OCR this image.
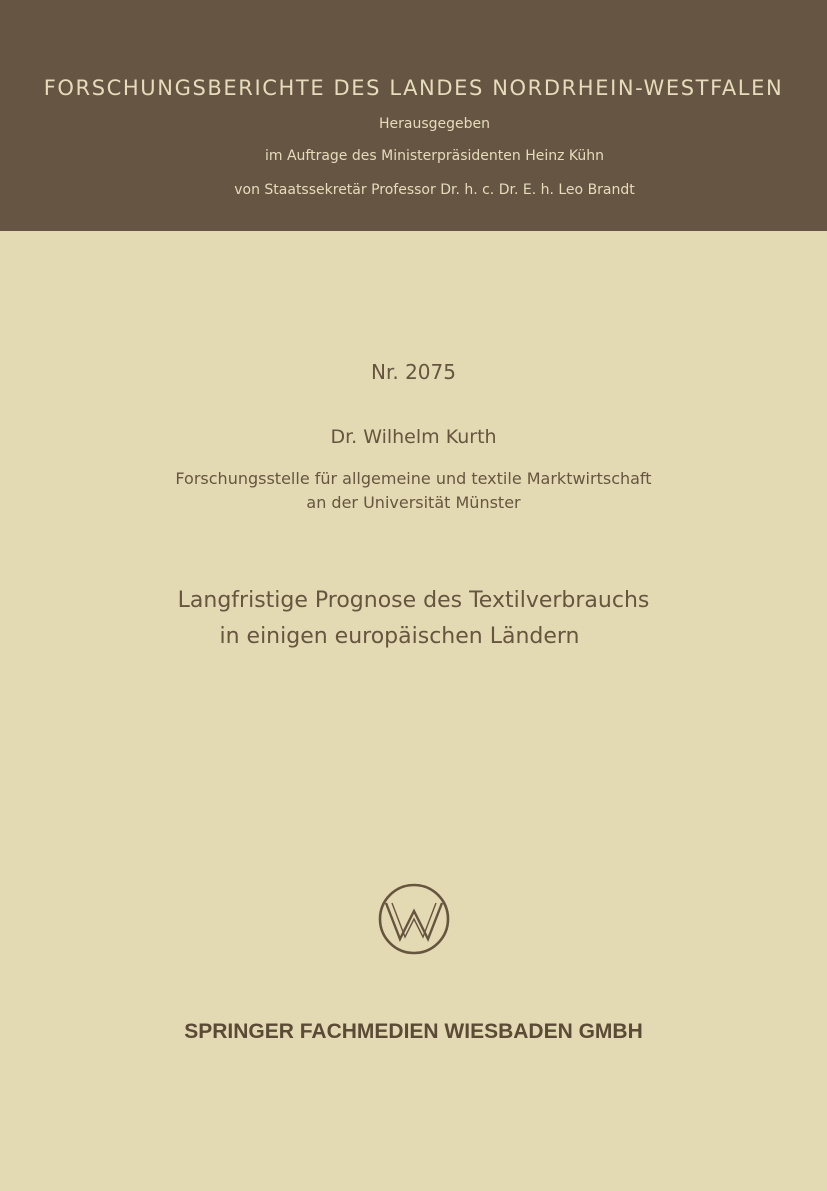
FORSCHUNGSBERICHTE DES LANDES NORDRHEIN-WESTFALEN
Herausgegeben
im Auftrage des Ministerpräsidenten Heinz Kühn
von Staatssekretär Professor Dr. h. c. Dr. E. h. Leo Brandt
Nr. 2075
Dr. Wilhelm Kurth
Forschungsstelle für allgemeine und textile Marktwirtschaft
an der Universität Münster
Langfristige Prognose des Textilverbrauchs
in einigen europäischen Ländern
SPRINGER FACHMEDIEN WIESBADEN GMBH
